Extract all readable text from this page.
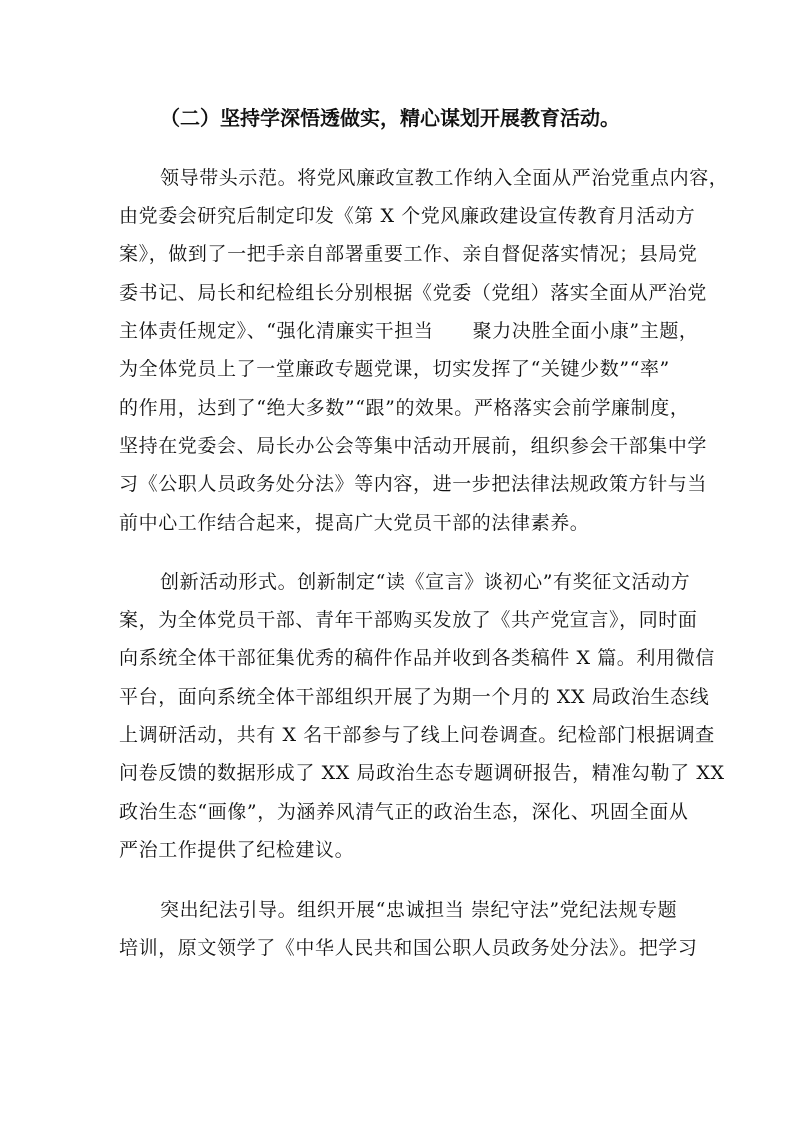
（二）坚持学深悟透做实，精心谋划开展教育活动。
领导带头示范。将党风廉政宣教工作纳入全面从严治党重点内容，
由党委会研究后制定印发《第 X 个党风廉政建设宣传教育月活动方
案》，做到了一把手亲自部署重要工作、亲自督促落实情况；县局党
委书记、局长和纪检组长分别根据《党委（党组）落实全面从严治党
主体责任规定》、“强化清廉实干担当　　聚力决胜全面小康”主题，
为全体党员上了一堂廉政专题党课，切实发挥了“关键少数”“率”
的作用，达到了“绝大多数”“跟”的效果。严格落实会前学廉制度，
坚持在党委会、局长办公会等集中活动开展前，组织参会干部集中学
习《公职人员政务处分法》等内容，进一步把法律法规政策方针与当
前中心工作结合起来，提高广大党员干部的法律素养。
创新活动形式。创新制定“读《宣言》谈初心”有奖征文活动方
案，为全体党员干部、青年干部购买发放了《共产党宣言》，同时面
向系统全体干部征集优秀的稿件作品并收到各类稿件 X 篇。利用微信
平台，面向系统全体干部组织开展了为期一个月的 XX 局政治生态线
上调研活动，共有 X 名干部参与了线上问卷调查。纪检部门根据调查
问卷反馈的数据形成了 XX 局政治生态专题调研报告，精准勾勒了 XX
政治生态“画像”，为涵养风清气正的政治生态，深化、巩固全面从
严治工作提供了纪检建议。
突出纪法引导。组织开展“忠诚担当 崇纪守法”党纪法规专题
培训，原文领学了《中华人民共和国公职人员政务处分法》。把学习
